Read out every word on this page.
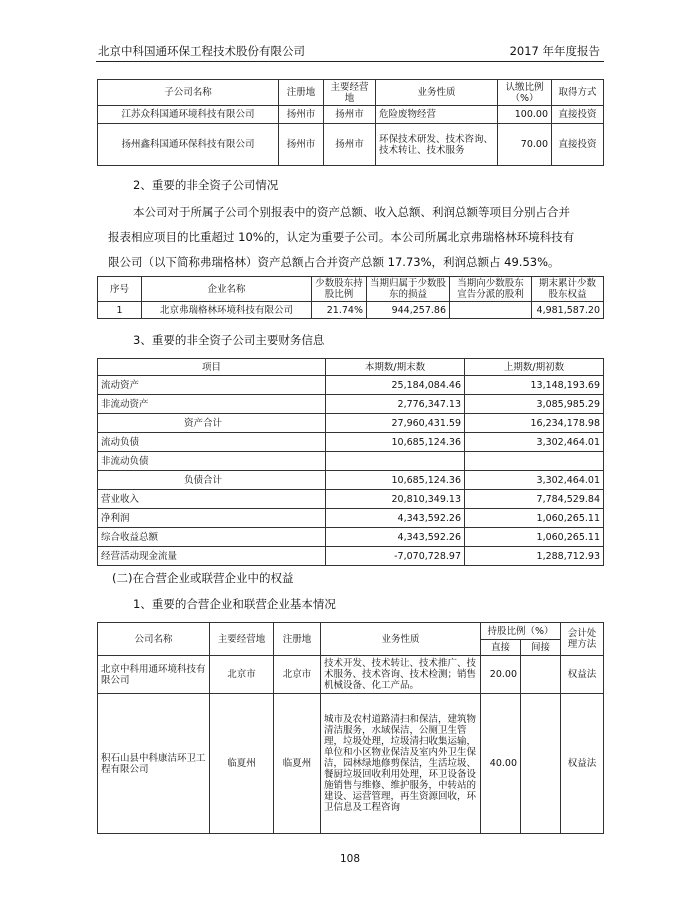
北京中科国通环保工程技术股份有限公司	2017 年年度报告
子公司名称	注册地	主要经营地	业务性质	认缴比例（%）	取得方式
江苏众科国通环境科技有限公司	扬州市	扬州市	危险废物经营	100.00	直接投资
扬州鑫科国通环保科技有限公司	扬州市	扬州市	环保技术研发、技术咨询、技术转让、技术服务	70.00	直接投资
2、重要的非全资子公司情况
本公司对于所属子公司个别报表中的资产总额、收入总额、利润总额等项目分别占合并
报表相应项目的比重超过 10%的，认定为重要子公司。本公司所属北京弗瑞格林环境科技有
限公司（以下简称弗瑞格林）资产总额占合并资产总额 17.73%，利润总额占 49.53%。
序号	企业名称	少数股东持股比例	当期归属于少数股东的损益	当期向少数股东宣告分派的股利	期末累计少数股东权益
1	北京弗瑞格林环境科技有限公司	21.74%	944,257.86		4,981,587.20
3、重要的非全资子公司主要财务信息
项目	本期数/期末数	上期数/期初数
流动资产	25,184,084.46	13,148,193.69
非流动资产	2,776,347.13	3,085,985.29
资产合计	27,960,431.59	16,234,178.98
流动负债	10,685,124.36	3,302,464.01
非流动负债		
负债合计	10,685,124.36	3,302,464.01
营业收入	20,810,349.13	7,784,529.84
净利润	4,343,592.26	1,060,265.11
综合收益总额	4,343,592.26	1,060,265.11
经营活动现金流量	-7,070,728.97	1,288,712.93
(二)在合营企业或联营企业中的权益
1、重要的合营企业和联营企业基本情况
公司名称	主要经营地	注册地	业务性质	持股比例（%）		会计处理方法
				直接	间接	
北京中科用通环境科技有限公司	北京市	北京市	技术开发、技术转让、技术推广、技术服务、技术咨询、技术检测；销售机械设备、化工产品。	20.00		权益法
积石山县中科康洁环卫工程有限公司	临夏州	临夏州	城市及农村道路清扫和保洁，建筑物清洁服务，水域保洁，公厕卫生管理，垃圾处理，垃圾清扫收集运输，单位和小区物业保洁及室内外卫生保洁，园林绿地修剪保洁，生活垃圾、餐厨垃圾回收利用处理，环卫设备设施销售与维修、维护服务，中转站的建设、运营管理，再生资源回收，环卫信息及工程咨询	40.00		权益法
108
